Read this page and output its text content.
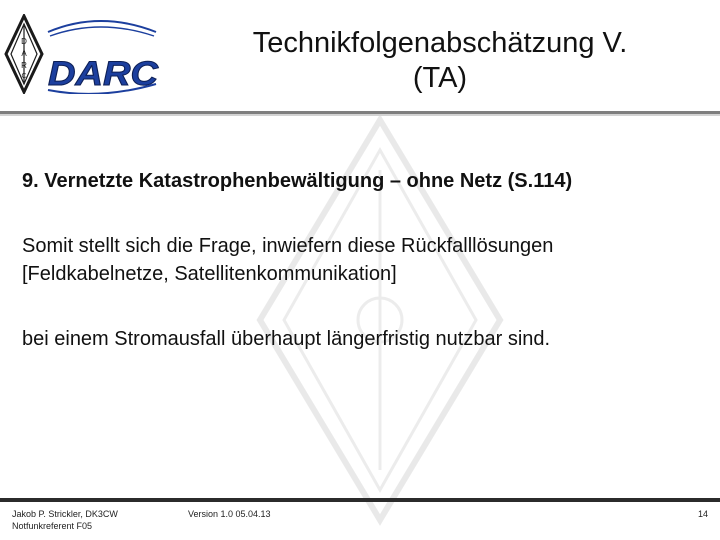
D
A
R
C DARC
Technikfolgenabschätzung V.
(TA)
9. Vernetzte Katastrophenbewältigung – ohne Netz (S.114)
Somit stellt sich die Frage, inwiefern diese Rückfalllösungen
[Feldkabelnetze, Satellitenkommunikation]
bei einem Stromausfall überhaupt längerfristig nutzbar sind.
Jakob P. Strickler, DK3CW
Notfunkreferent F05
Version 1.0 05.04.13	14
